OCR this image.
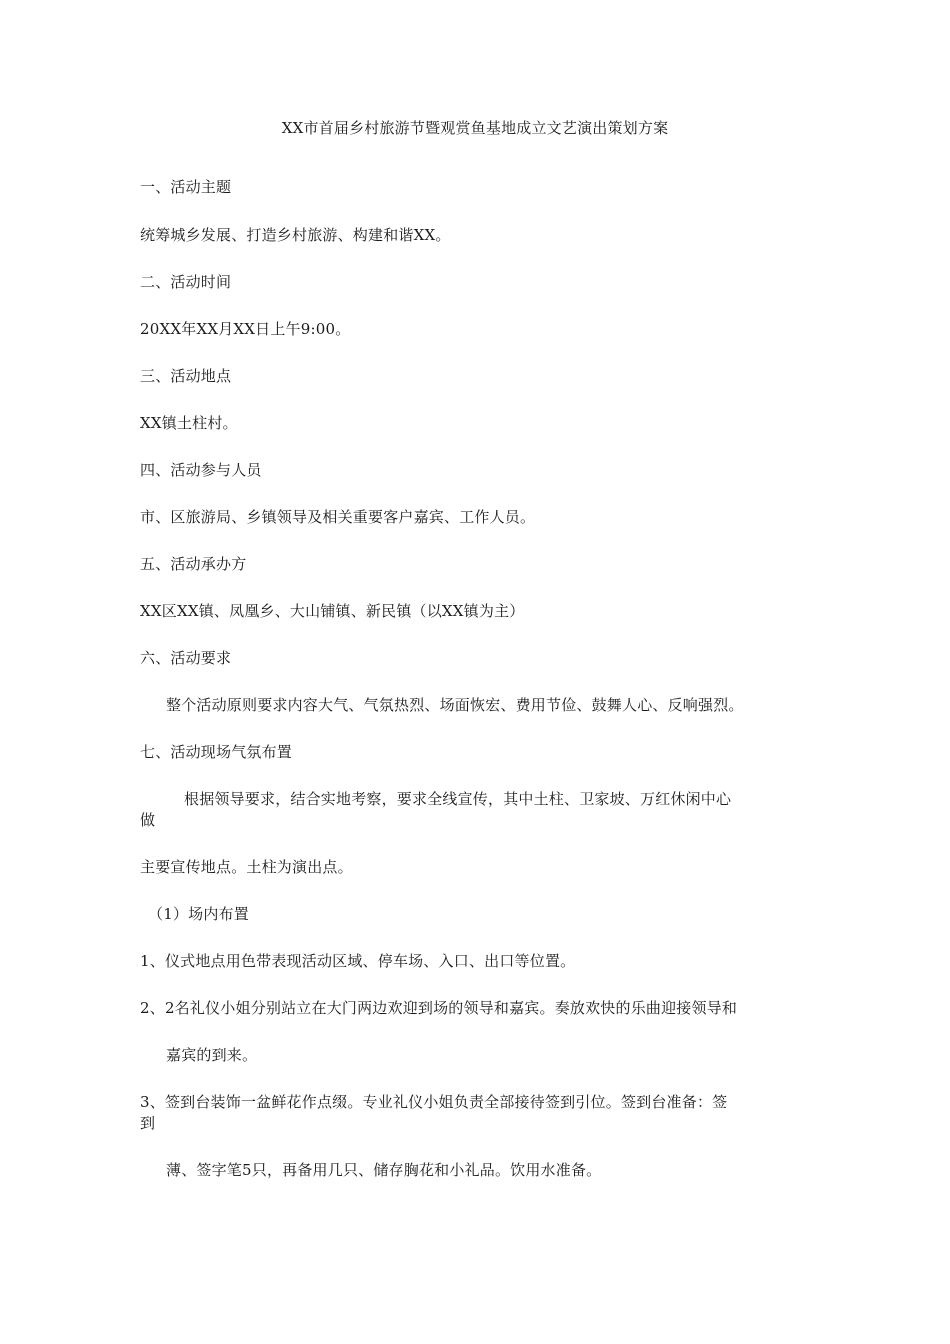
XX市首届乡村旅游节暨观赏鱼基地成立文艺演出策划方案
一、活动主题
统筹城乡发展、打造乡村旅游、构建和谐XX。
二、活动时间
20XX年XX月XX日上午9:00。
三、活动地点
XX镇土柱村。
四、活动参与人员
市、区旅游局、乡镇领导及相关重要客户嘉宾、工作人员。
五、活动承办方
XX区XX镇、凤凰乡、大山铺镇、新民镇（以XX镇为主）
六、活动要求
整个活动原则要求内容大气、气氛热烈、场面恢宏、费用节俭、鼓舞人心、反响强烈。
七、活动现场气氛布置
根据领导要求，结合实地考察，要求全线宣传，其中土柱、卫家坡、万红休闲中心
做
主要宣传地点。土柱为演出点。
（1）场内布置
1、仪式地点用色带表现活动区域、停车场、入口、出口等位置。
2、2名礼仪小姐分别站立在大门两边欢迎到场的领导和嘉宾。奏放欢快的乐曲迎接领导和
嘉宾的到来。
3、签到台装饰一盆鲜花作点缀。专业礼仪小姐负责全部接待签到引位。签到台准备：签
到
薄、签字笔5只，再备用几只、储存胸花和小礼品。饮用水准备。
